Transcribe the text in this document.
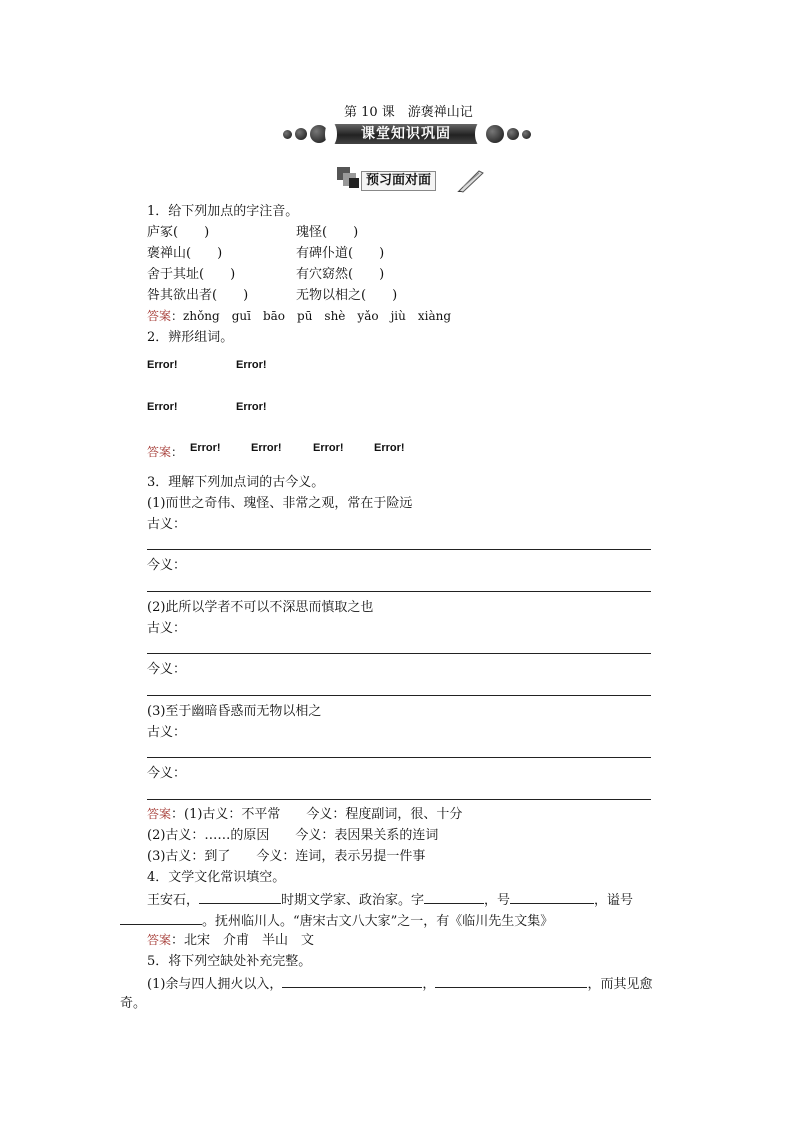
第 10 课　游褒禅山记
课堂知识巩固
预习面对面
1．给下列加点的字注音。
庐冢(　　)	瑰怪(　　)
褒禅山(　　)	有碑仆道(　　)
舍于其址(　　)	有穴窈然(　　)
咎其欲出者(　　)	无物以相之(　　)
答案：zhǒng　guī　bāo　pū　shè　yǎo　jiù　xiàng
2．辨形组词。
Error!	Error!
Error!	Error!
答案： Error!	Error!	Error!	Error!
3．理解下列加点词的古今义。
(1)而世之奇伟、瑰怪、非常之观，常在于险远
古义：
今义：
(2)此所以学者不可以不深思而慎取之也
古义：
今义：
(3)至于幽暗昏惑而无物以相之
古义：
今义：
答案：(1)古义：不平常　　今义：程度副词，很、十分
(2)古义：……的原因　　今义：表因果关系的连词
(3)古义：到了　　今义：连词，表示另提一件事
4．文学文化常识填空。
王安石，	时期文学家、政治家。字	，号	，谥号
。抚州临川人。“唐宋古文八大家”之一，有《临川先生文集》
答案：北宋　介甫　半山　文
5．将下列空缺处补充完整。
(1)余与四人拥火以入，	，	，而其见愈
奇。
